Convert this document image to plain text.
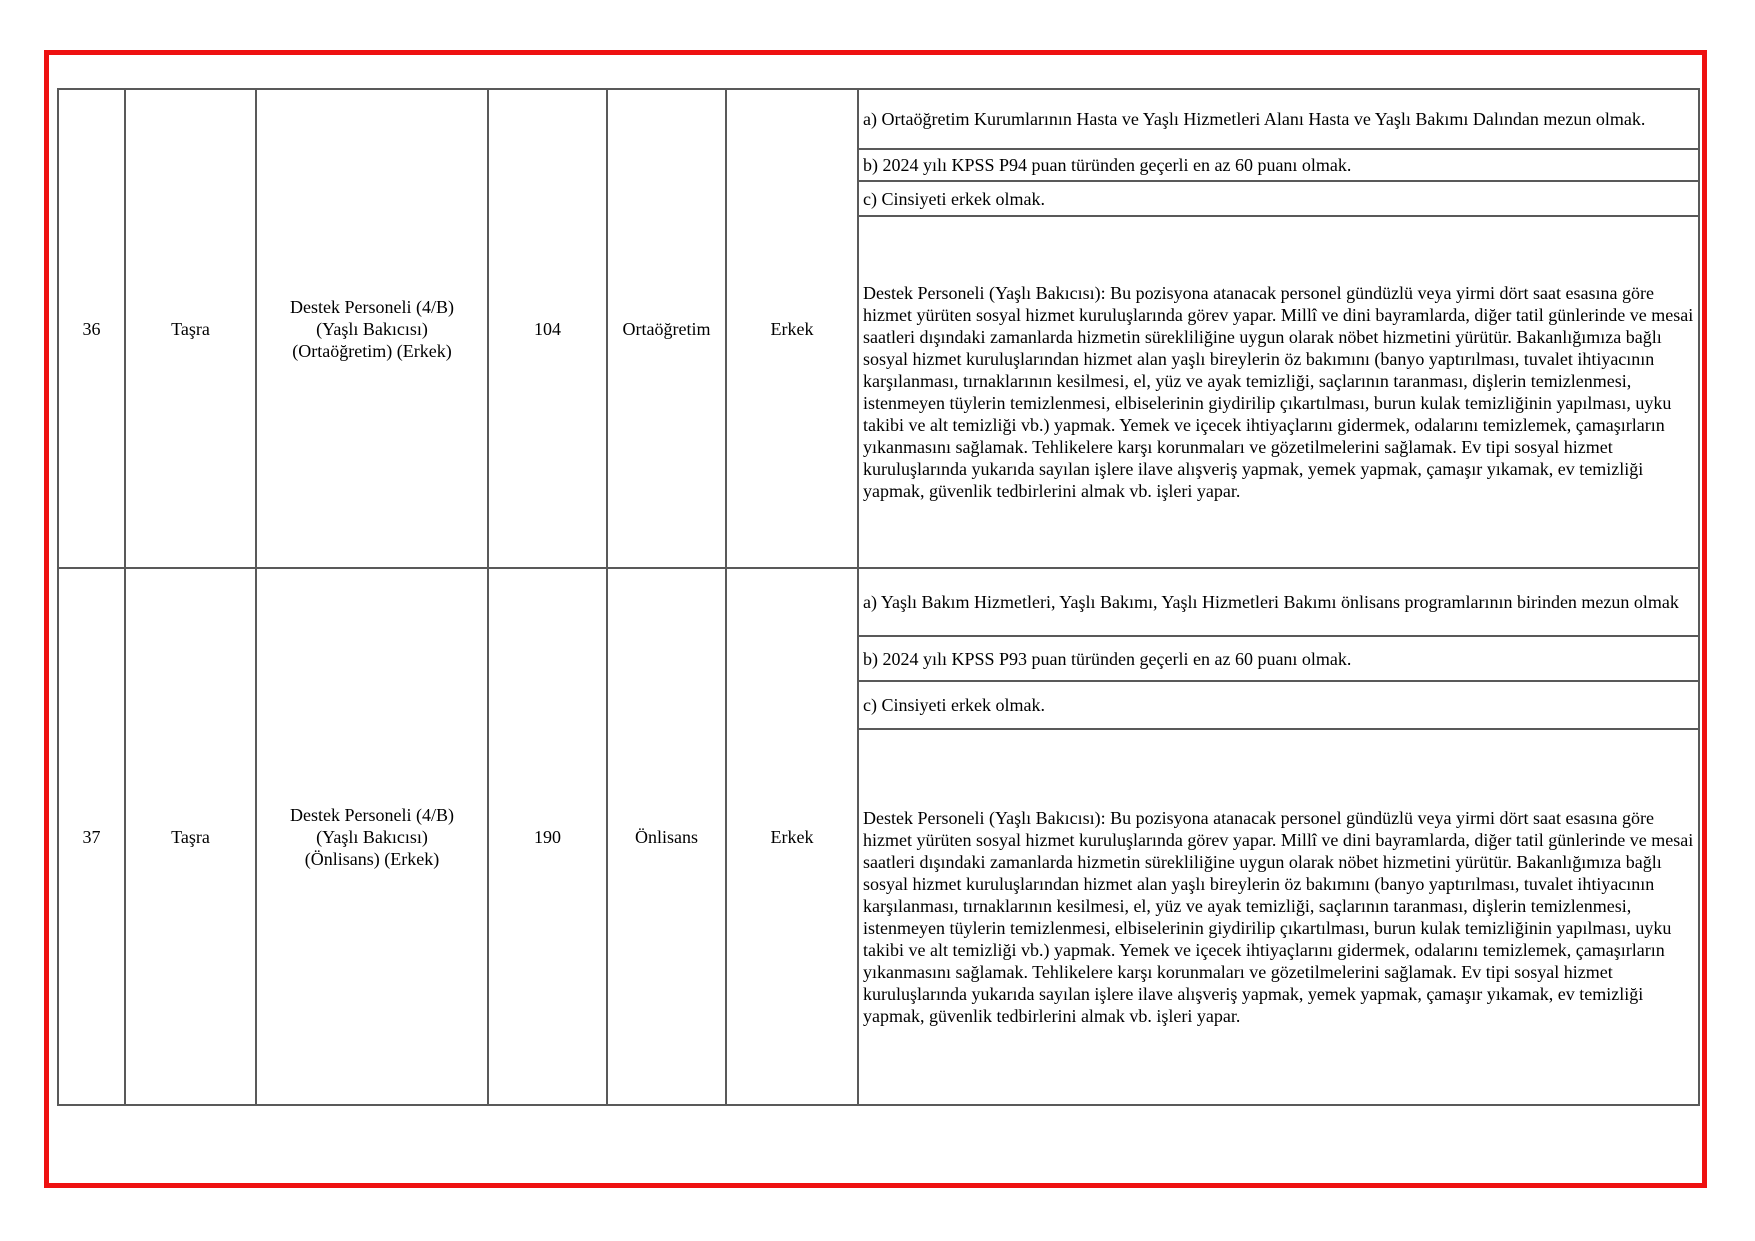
36	Taşra	Destek Personeli (4/B)
(Yaşlı Bakıcısı)
(Ortaöğretim) (Erkek)	104	Ortaöğretim	Erkek	a) Ortaöğretim Kurumlarının Hasta ve Yaşlı Hizmetleri Alanı Hasta ve Yaşlı Bakımı Dalından mezun olmak.
						b) 2024 yılı KPSS P94 puan türünden geçerli en az 60 puanı olmak.
						c) Cinsiyeti erkek olmak.
						Destek Personeli (Yaşlı Bakıcısı): Bu pozisyona atanacak personel gündüzlü veya yirmi dört saat esasına göre hizmet yürüten sosyal hizmet kuruluşlarında görev yapar. Millî ve dini bayramlarda, diğer tatil günlerinde ve mesai saatleri dışındaki zamanlarda hizmetin sürekliliğine uygun olarak nöbet hizmetini yürütür. Bakanlığımıza bağlı sosyal hizmet kuruluşlarından hizmet alan yaşlı bireylerin öz bakımını (banyo yaptırılması, tuvalet ihtiyacının karşılanması, tırnaklarının kesilmesi, el, yüz ve ayak temizliği, saçlarının taranması, dişlerin temizlenmesi, istenmeyen tüylerin temizlenmesi, elbiselerinin giydirilip çıkartılması, burun kulak temizliğinin yapılması, uyku takibi ve alt temizliği vb.) yapmak. Yemek ve içecek ihtiyaçlarını gidermek, odalarını temizlemek, çamaşırların yıkanmasını sağlamak. Tehlikelere karşı korunmaları ve gözetilmelerini sağlamak. Ev tipi sosyal hizmet kuruluşlarında yukarıda sayılan işlere ilave alışveriş yapmak, yemek yapmak, çamaşır yıkamak, ev temizliği yapmak, güvenlik tedbirlerini almak vb. işleri yapar.
37	Taşra	Destek Personeli (4/B)
(Yaşlı Bakıcısı)
(Önlisans) (Erkek)	190	Önlisans	Erkek	a) Yaşlı Bakım Hizmetleri, Yaşlı Bakımı, Yaşlı Hizmetleri Bakımı önlisans programlarının birinden mezun olmak
						b) 2024 yılı KPSS P93 puan türünden geçerli en az 60 puanı olmak.
						c) Cinsiyeti erkek olmak.
						Destek Personeli (Yaşlı Bakıcısı): Bu pozisyona atanacak personel gündüzlü veya yirmi dört saat esasına göre hizmet yürüten sosyal hizmet kuruluşlarında görev yapar. Millî ve dini bayramlarda, diğer tatil günlerinde ve mesai saatleri dışındaki zamanlarda hizmetin sürekliliğine uygun olarak nöbet hizmetini yürütür. Bakanlığımıza bağlı sosyal hizmet kuruluşlarından hizmet alan yaşlı bireylerin öz bakımını (banyo yaptırılması, tuvalet ihtiyacının karşılanması, tırnaklarının kesilmesi, el, yüz ve ayak temizliği, saçlarının taranması, dişlerin temizlenmesi, istenmeyen tüylerin temizlenmesi, elbiselerinin giydirilip çıkartılması, burun kulak temizliğinin yapılması, uyku takibi ve alt temizliği vb.) yapmak. Yemek ve içecek ihtiyaçlarını gidermek, odalarını temizlemek, çamaşırların yıkanmasını sağlamak. Tehlikelere karşı korunmaları ve gözetilmelerini sağlamak. Ev tipi sosyal hizmet kuruluşlarında yukarıda sayılan işlere ilave alışveriş yapmak, yemek yapmak, çamaşır yıkamak, ev temizliği yapmak, güvenlik tedbirlerini almak vb. işleri yapar.
